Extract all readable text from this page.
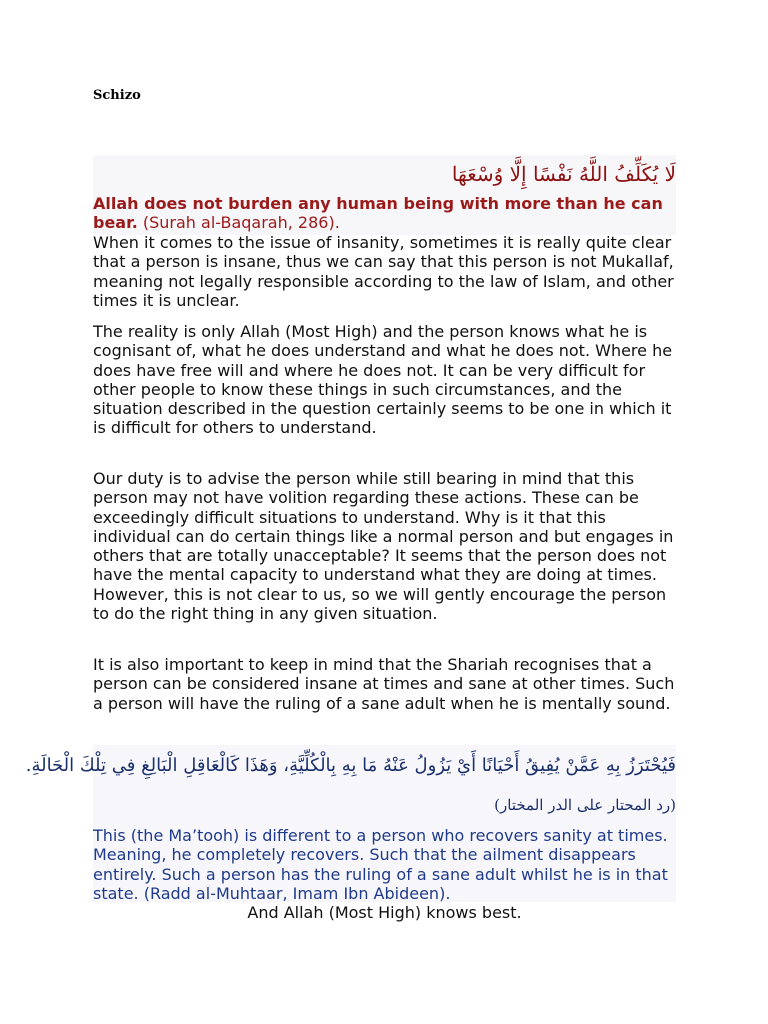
Schizo
لَا يُكَلِّفُ اللَّهُ نَفْسًا إِلَّا وُسْعَهَا
Allah does not burden any human being with more than he can bear. (Surah al-Baqarah, 286).

When it comes to the issue of insanity, sometimes it is really quite clear that a person is insane, thus we can say that this person is not Mukallaf, meaning not legally responsible according to the law of Islam, and other times it is unclear.

The reality is only Allah (Most High) and the person knows what he is cognisant of, what he does understand and what he does not. Where he does have free will and where he does not. It can be very difficult for other people to know these things in such circumstances, and the situation described in the question certainly seems to be one in which it is difficult for others to understand.

Our duty is to advise the person while still bearing in mind that this person may not have volition regarding these actions. These can be exceedingly difficult situations to understand. Why is it that this individual can do certain things like a normal person and but engages in others that are totally unacceptable? It seems that the person does not have the mental capacity to understand what they are doing at times. However, this is not clear to us, so we will gently encourage the person to do the right thing in any given situation.

It is also important to keep in mind that the Shariah recognises that a person can be considered insane at times and sane at other times. Such a person will have the ruling of a sane adult when he is mentally sound.

فَيُحْتَرَزُ بِهِ عَمَّنْ يُفِيقُ أَحْيَانًا أَيْ يَزُولُ عَنْهُ مَا بِهِ بِالْكُلِّيَّةِ، وَهَذَا كَالْعَاقِلِ الْبَالِغِ فِي تِلْكَ الْحَالَةِ.
(رد المحتار على الدر المختار)

This (the Ma’tooh) is different to a person who recovers sanity at times. Meaning, he completely recovers. Such that the ailment disappears entirely. Such a person has the ruling of a sane adult whilst he is in that state. (Radd al-Muhtaar, Imam Ibn Abideen).

And Allah (Most High) knows best.
